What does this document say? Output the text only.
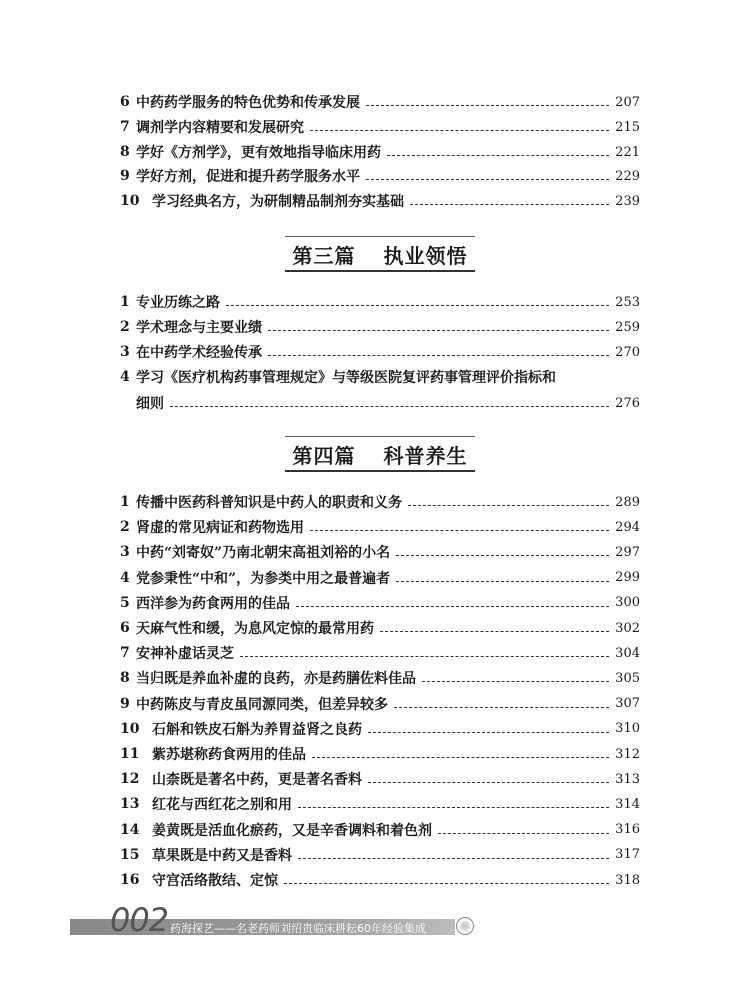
6 中药药学服务的特色优势和传承发展	207
7 调剂学内容精要和发展研究	215
8 学好《方剂学》，更有效地指导临床用药	221
9 学好方剂，促进和提升药学服务水平	229
10 学习经典名方，为研制精品制剂夯实基础	239
第三篇 执业领悟
1 专业历练之路	253
2 学术理念与主要业绩	259
3 在中药学术经验传承	270
4 学习《医疗机构药事管理规定》与等级医院复评药事管理评价指标和
细则	276
第四篇 科普养生
1 传播中医药科普知识是中药人的职责和义务	289
2 肾虚的常见病证和药物选用	294
3 中药“刘寄奴”乃南北朝宋高祖刘裕的小名	297
4 党参秉性“中和”，为参类中用之最普遍者	299
5 西洋参为药食两用的佳品	300
6 天麻气性和缓，为息风定惊的最常用药	302
7 安神补虚话灵芝	304
8 当归既是养血补虚的良药，亦是药膳佐料佳品	305
9 中药陈皮与青皮虽同源同类，但差异较多	307
10 石斛和铁皮石斛为养胃益肾之良药	310
11 紫苏堪称药食两用的佳品	312
12 山柰既是著名中药，更是著名香料	313
13 红花与西红花之别和用	314
14 姜黄既是活血化瘀药，又是辛香调料和着色剂	316
15 草果既是中药又是香料	317
16 守宫活络散结、定惊	318
002 药海探艺——名老药师刘绍贵临床耕耘60年经验集成
